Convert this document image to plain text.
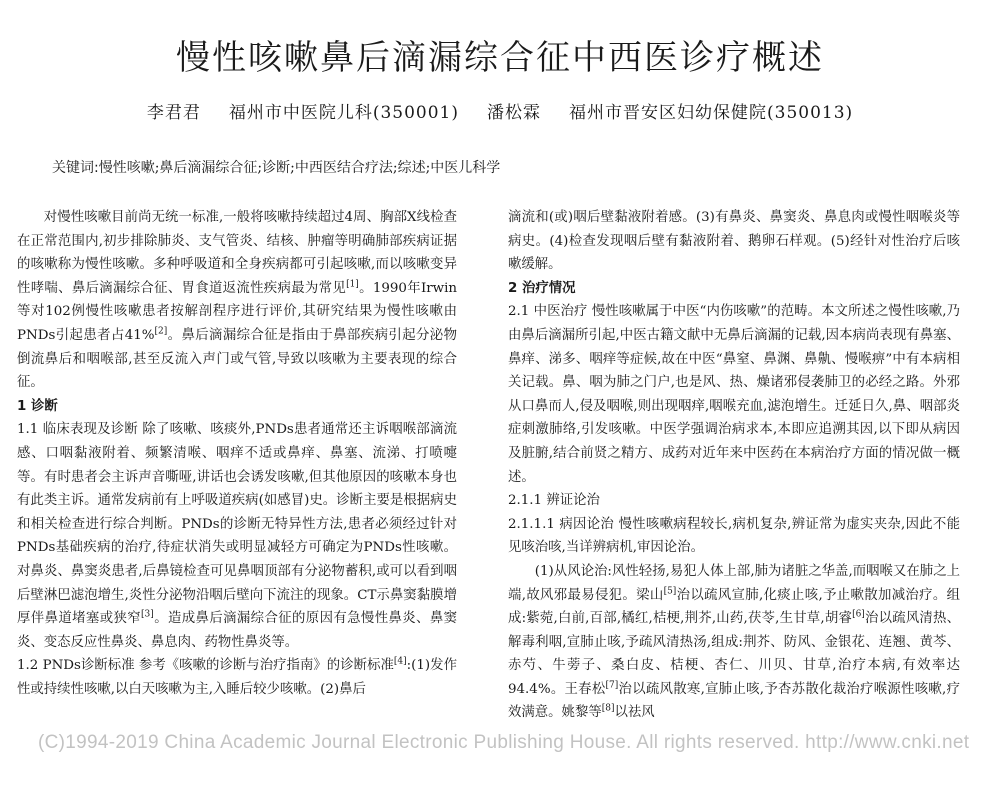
慢性咳嗽鼻后滴漏综合征中西医诊疗概述
李君君 福州市中医院儿科(350001) 潘松霖 福州市晋安区妇幼保健院(350013)
关键词:慢性咳嗽;鼻后滴漏综合征;诊断;中西医结合疗法;综述;中医儿科学

对慢性咳嗽目前尚无统一标准,一般将咳嗽持续超过4周、胸部X线检查在正常范围内,初步排除肺炎、支气管炎、结核、肿瘤等明确肺部疾病证据的咳嗽称为慢性咳嗽。多种呼吸道和全身疾病都可引起咳嗽,而以咳嗽变异性哮喘、鼻后滴漏综合征、胃食道返流性疾病最为常见[1]。1990年Irwin等对102例慢性咳嗽患者按解剖程序进行评价,其研究结果为慢性咳嗽由PNDs引起患者占41%[2]。鼻后滴漏综合征是指由于鼻部疾病引起分泌物倒流鼻后和咽喉部,甚至反流入声门或气管,导致以咳嗽为主要表现的综合征。

1 诊断

1.1 临床表现及诊断 除了咳嗽、咳痰外,PNDs患者通常还主诉咽喉部滴流感、口咽黏液附着、频繁清喉、咽痒不适或鼻痒、鼻塞、流涕、打喷嚏等。有时患者会主诉声音嘶哑,讲话也会诱发咳嗽,但其他原因的咳嗽本身也有此类主诉。通常发病前有上呼吸道疾病(如感冒)史。诊断主要是根据病史和相关检查进行综合判断。PNDs的诊断无特异性方法,患者必须经过针对PNDs基础疾病的治疗,待症状消失或明显减轻方可确定为PNDs性咳嗽。对鼻炎、鼻窦炎患者,后鼻镜检查可见鼻咽顶部有分泌物蓄积,或可以看到咽后壁淋巴滤泡增生,炎性分泌物沿咽后壁向下流注的现象。CT示鼻窦黏膜增厚伴鼻道堵塞或狭窄[3]。造成鼻后滴漏综合征的原因有急慢性鼻炎、鼻窦炎、变态反应性鼻炎、鼻息肉、药物性鼻炎等。

1.2 PNDs诊断标准 参考《咳嗽的诊断与治疗指南》的诊断标准[4]:(1)发作性或持续性咳嗽,以白天咳嗽为主,入睡后较少咳嗽。(2)鼻后

滴流和(或)咽后壁黏液附着感。(3)有鼻炎、鼻窦炎、鼻息肉或慢性咽喉炎等病史。(4)检查发现咽后壁有黏液附着、鹅卵石样观。(5)经针对性治疗后咳嗽缓解。

2 治疗情况

2.1 中医治疗 慢性咳嗽属于中医“内伤咳嗽”的范畴。本文所述之慢性咳嗽,乃由鼻后滴漏所引起,中医古籍文献中无鼻后滴漏的记载,因本病尚表现有鼻塞、鼻痒、涕多、咽痒等症候,故在中医“鼻窒、鼻渊、鼻鼽、慢喉痹”中有本病相关记载。鼻、咽为肺之门户,也是风、热、燥诸邪侵袭肺卫的必经之路。外邪从口鼻而人,侵及咽喉,则出现咽痒,咽喉充血,滤泡增生。迁延日久,鼻、咽部炎症刺激肺络,引发咳嗽。中医学强调治病求本,本即应追溯其因,以下即从病因及脏腑,结合前贤之精方、成药对近年来中医药在本病治疗方面的情况做一概述。

2.1.1 辨证论治

2.1.1.1 病因论治 慢性咳嗽病程较长,病机复杂,辨证常为虚实夹杂,因此不能见咳治咳,当详辨病机,审因论治。

(1)从风论治:风性轻扬,易犯人体上部,肺为诸脏之华盖,而咽喉又在肺之上端,故风邪最易侵犯。梁山[5]治以疏风宣肺,化痰止咳,予止嗽散加减治疗。组成:紫菀,白前,百部,橘红,桔梗,荆芥,山药,茯苓,生甘草,胡睿[6]治以疏风清热、解毒利咽,宣肺止咳,予疏风清热汤,组成:荆芥、防风、金银花、连翘、黄芩、赤芍、牛蒡子、桑白皮、桔梗、杏仁、川贝、甘草,治疗本病,有效率达94.4%。王春松[7]治以疏风散寒,宣肺止咳,予杏苏散化裁治疗喉源性咳嗽,疗效满意。姚黎等[8]以祛风

(C)1994-2019 China Academic Journal Electronic Publishing House. All rights reserved. http://www.cnki.net
